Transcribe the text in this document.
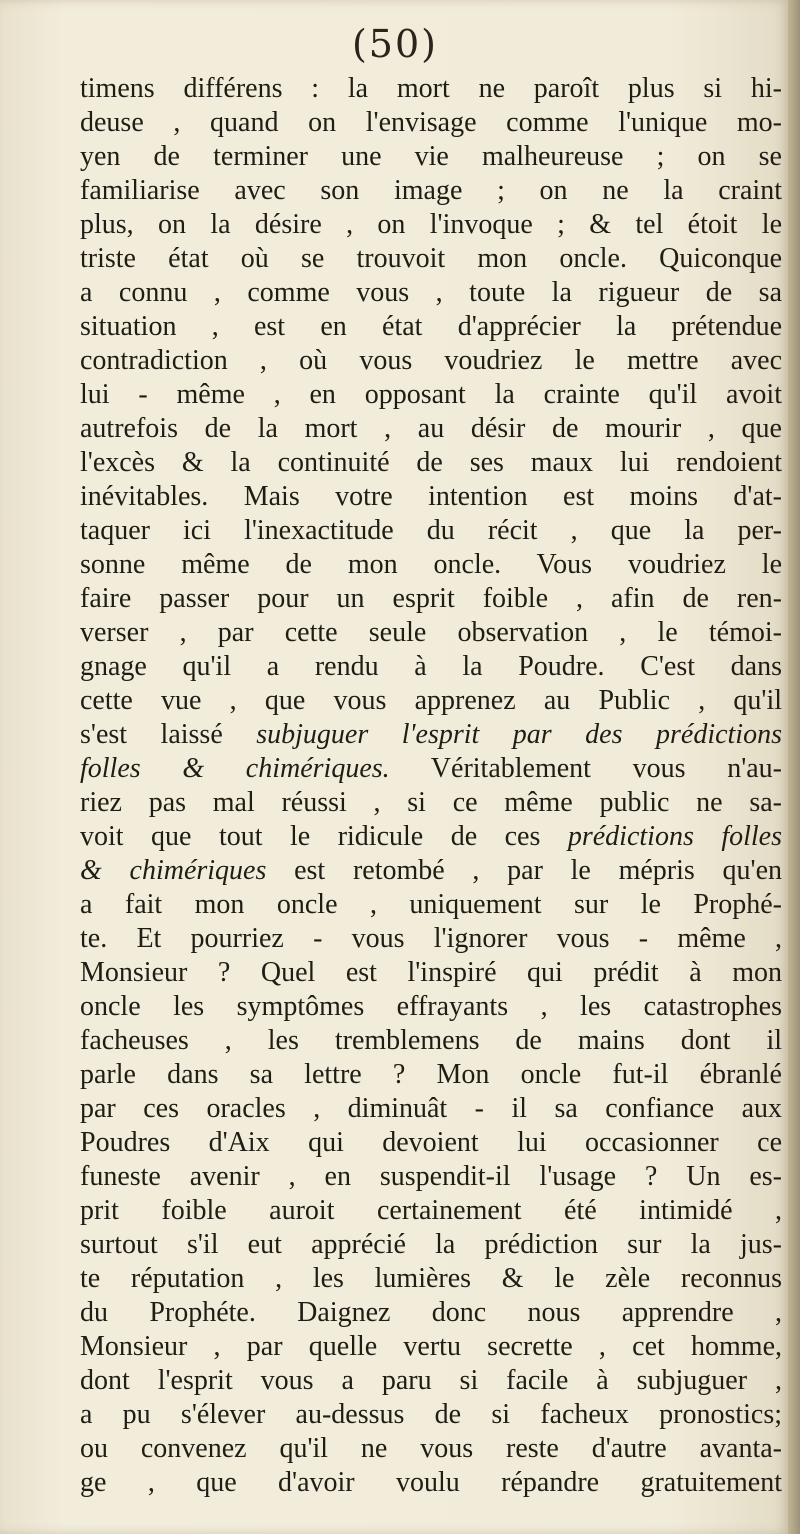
(50)
timens différens : la mort ne paroît plus si hi-
deuse , quand on l'envisage comme l'unique mo-
yen de terminer une vie malheureuse ; on se
familiarise avec son image ; on ne la craint
plus, on la désire , on l'invoque ; & tel étoit le
triste état où se trouvoit mon oncle. Quiconque
a connu , comme vous , toute la rigueur de sa
situation , est en état d'apprécier la prétendue
contradiction , où vous voudriez le mettre avec
lui - même , en opposant la crainte qu'il avoit
autrefois de la mort , au désir de mourir , que
l'excès & la continuité de ses maux lui rendoient
inévitables. Mais votre intention est moins d'at-
taquer ici l'inexactitude du récit , que la per-
sonne même de mon oncle. Vous voudriez le
faire passer pour un esprit foible , afin de ren-
verser , par cette seule observation , le témoi-
gnage qu'il a rendu à la Poudre. C'est dans
cette vue , que vous apprenez au Public , qu'il
s'est laissé subjuguer l'esprit par des prédictions
folles & chimériques. Véritablement vous n'au-
riez pas mal réussi , si ce même public ne sa-
voit que tout le ridicule de ces prédictions folles
& chimériques est retombé , par le mépris qu'en
a fait mon oncle , uniquement sur le Prophé-
te. Et pourriez - vous l'ignorer vous - même ,
Monsieur ? Quel est l'inspiré qui prédit à mon
oncle les symptômes effrayants , les catastrophes
facheuses , les tremblemens de mains dont il
parle dans sa lettre ? Mon oncle fut-il ébranlé
par ces oracles , diminuât - il sa confiance aux
Poudres d'Aix qui devoient lui occasionner ce
funeste avenir , en suspendit-il l'usage ? Un es-
prit foible auroit certainement été intimidé ,
surtout s'il eut apprécié la prédiction sur la jus-
te réputation , les lumières & le zèle reconnus
du Prophéte. Daignez donc nous apprendre ,
Monsieur , par quelle vertu secrette , cet homme,
dont l'esprit vous a paru si facile à subjuguer ,
a pu s'élever au-dessus de si facheux pronostics;
ou convenez qu'il ne vous reste d'autre avanta-
ge , que d'avoir voulu répandre gratuitement
